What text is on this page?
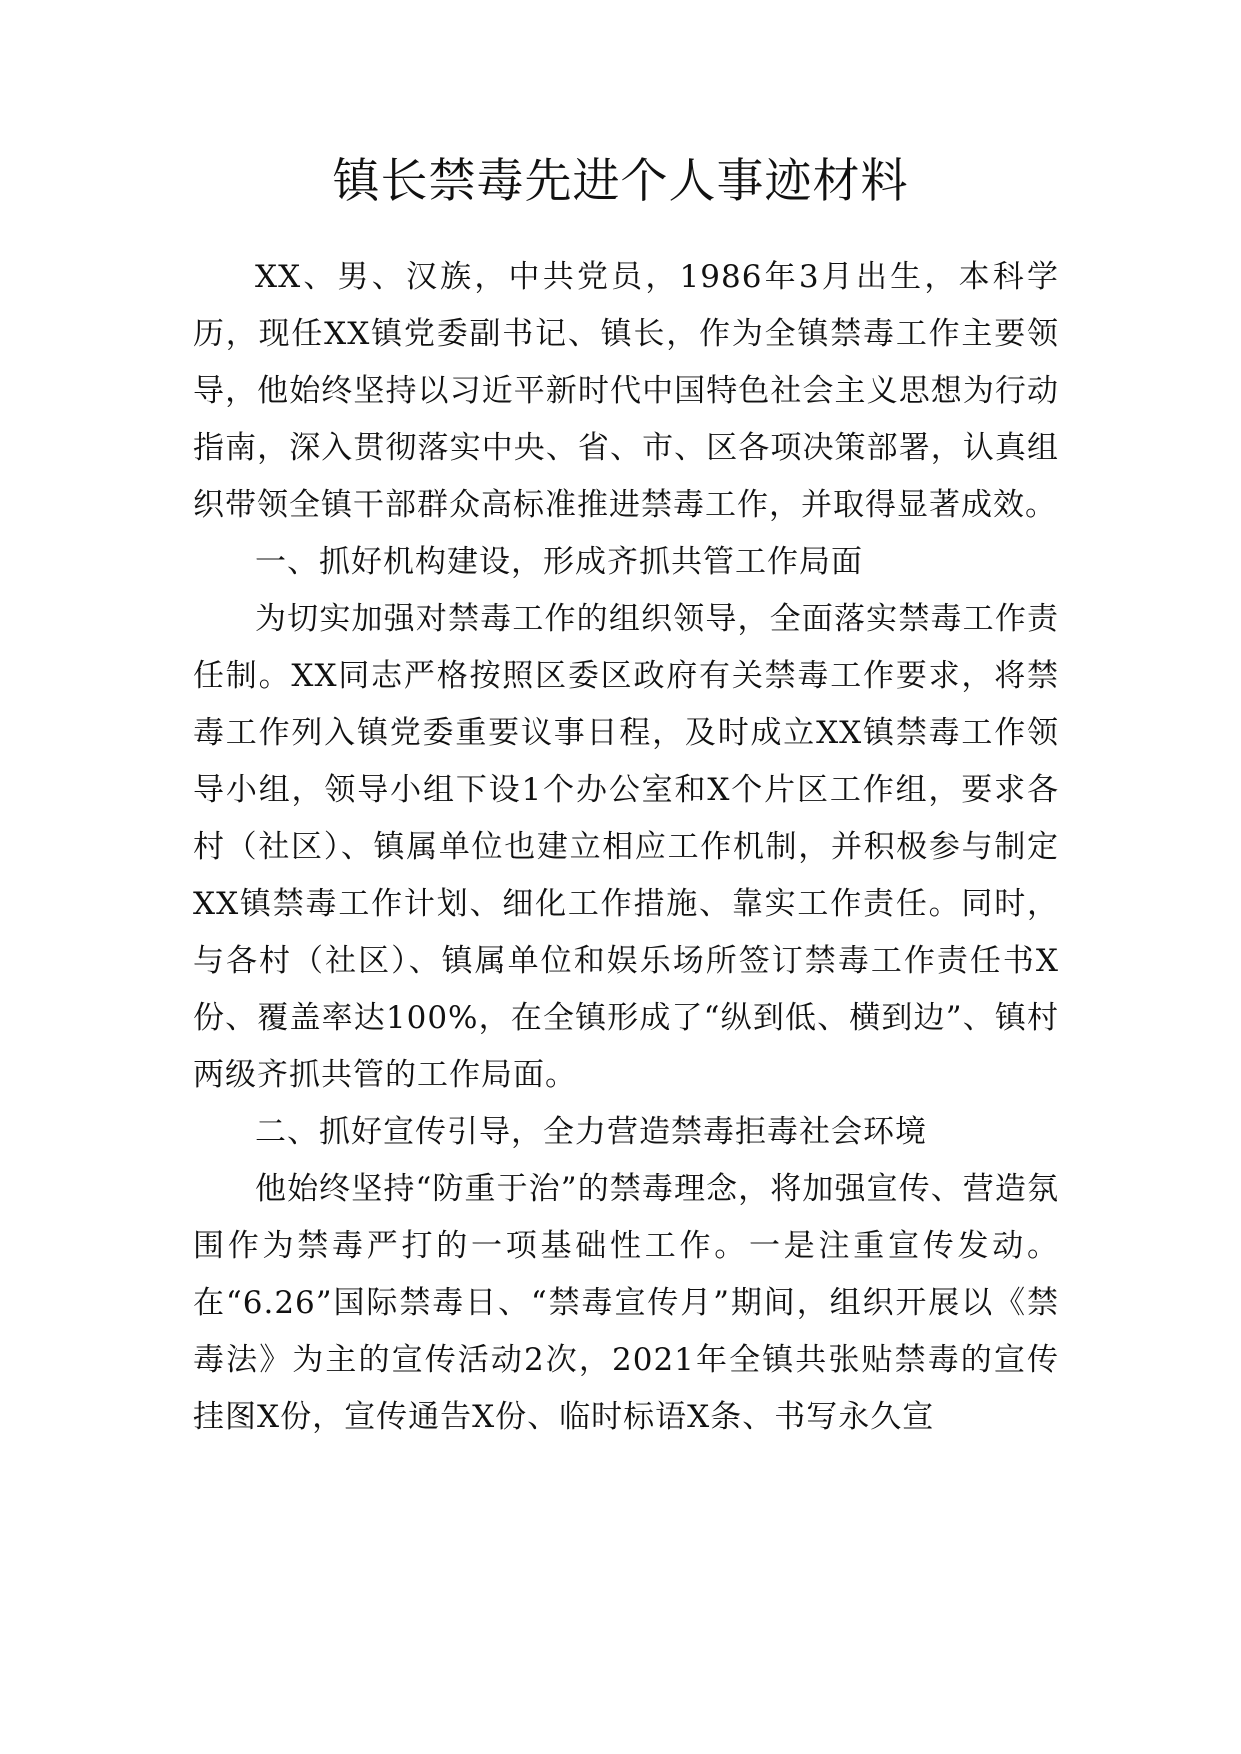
镇长禁毒先进个人事迹材料

XX、男、汉族，中共党员，1986年3月出生，本科学历，现任XX镇党委副书记、镇长，作为全镇禁毒工作主要领导，他始终坚持以习近平新时代中国特色社会主义思想为行动指南，深入贯彻落实中央、省、市、区各项决策部署，认真组织带领全镇干部群众高标准推进禁毒工作，并取得显著成效。

一、抓好机构建设，形成齐抓共管工作局面

为切实加强对禁毒工作的组织领导，全面落实禁毒工作责任制。XX同志严格按照区委区政府有关禁毒工作要求，将禁毒工作列入镇党委重要议事日程，及时成立XX镇禁毒工作领导小组，领导小组下设1个办公室和X个片区工作组，要求各村（社区）、镇属单位也建立相应工作机制，并积极参与制定XX镇禁毒工作计划、细化工作措施、靠实工作责任。同时，与各村（社区）、镇属单位和娱乐场所签订禁毒工作责任书X份、覆盖率达100%，在全镇形成了“纵到低、横到边”、镇村两级齐抓共管的工作局面。

二、抓好宣传引导，全力营造禁毒拒毒社会环境

他始终坚持“防重于治”的禁毒理念，将加强宣传、营造氛围作为禁毒严打的一项基础性工作。一是注重宣传发动。在“6.26”国际禁毒日、“禁毒宣传月”期间，组织开展以《禁毒法》为主的宣传活动2次，2021年全镇共张贴禁毒的宣传挂图X份，宣传通告X份、临时标语X条、书写永久宣
